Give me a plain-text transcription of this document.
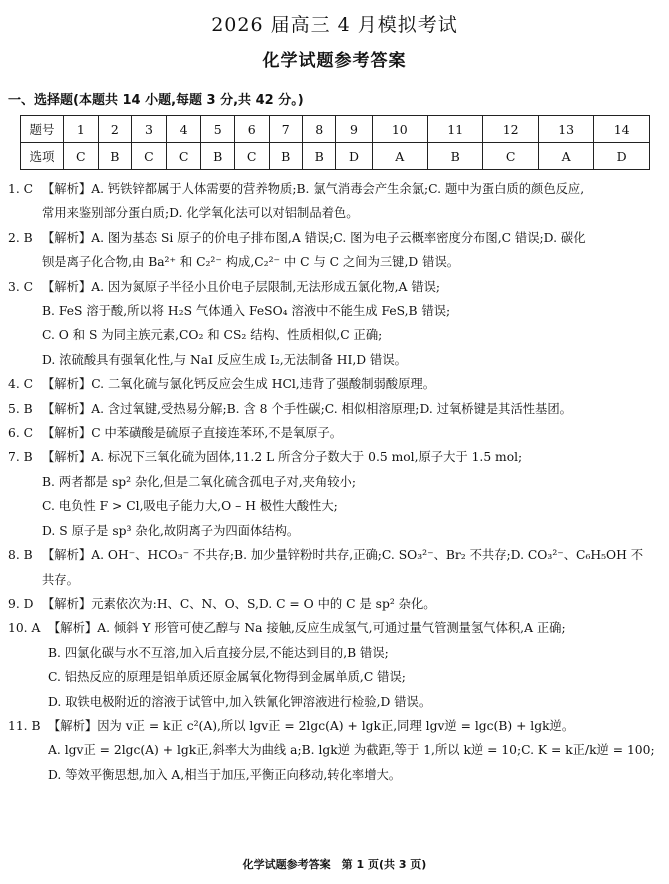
2026 届高三 4 月模拟考试
化学试题参考答案
一、选择题(本题共 14 小题,每题 3 分,共 42 分。)
题号	1	2	3	4	5	6	7	8	9	10	11	12	13	14
选项	C	B	C	C	B	C	B	B	D	A	B	C	A	D
1. C 【解析】A. 钙铁锌都属于人体需要的营养物质;B. 氯气消毒会产生余氯;C. 题中为蛋白质的颜色反应,
常用来鉴别部分蛋白质;D. 化学氧化法可以对铝制品着色。
2. B 【解析】A. 图为基态 Si 原子的价电子排布图,A 错误;C. 图为电子云概率密度分布图,C 错误;D. 碳化
钡是离子化合物,由 Ba²⁺ 和 C₂²⁻ 构成,C₂²⁻ 中 C 与 C 之间为三键,D 错误。
3. C 【解析】A. 因为氮原子半径小且价电子层限制,无法形成五氯化物,A 错误;
B. FeS 溶于酸,所以将 H₂S 气体通入 FeSO₄ 溶液中不能生成 FeS,B 错误;
C. O 和 S 为同主族元素,CO₂ 和 CS₂ 结构、性质相似,C 正确;
D. 浓硫酸具有强氧化性,与 NaI 反应生成 I₂,无法制备 HI,D 错误。
4. C 【解析】C. 二氧化硫与氯化钙反应会生成 HCl,违背了强酸制弱酸原理。
5. B 【解析】A. 含过氧键,受热易分解;B. 含 8 个手性碳;C. 相似相溶原理;D. 过氧桥键是其活性基团。
6. C 【解析】C 中苯磺酸是硫原子直接连苯环,不是氧原子。
7. B 【解析】A. 标况下三氧化硫为固体,11.2 L 所含分子数大于 0.5 mol,原子大于 1.5 mol;
B. 两者都是 sp² 杂化,但是二氧化硫含孤电子对,夹角较小;
C. 电负性 F > Cl,吸电子能力大,O – H 极性大酸性大;
D. S 原子是 sp³ 杂化,故阴离子为四面体结构。
8. B 【解析】A. OH⁻、HCO₃⁻ 不共存;B. 加少量锌粉时共存,正确;C. SO₃²⁻、Br₂ 不共存;D. CO₃²⁻、C₆H₅OH 不
共存。
9. D 【解析】元素依次为:H、C、N、O、S,D. C = O 中的 C 是 sp² 杂化。
10. A 【解析】A. 倾斜 Y 形管可使乙醇与 Na 接触,反应生成氢气,可通过量气管测量氢气体积,A 正确;
B. 四氯化碳与水不互溶,加入后直接分层,不能达到目的,B 错误;
C. 铝热反应的原理是铝单质还原金属氧化物得到金属单质,C 错误;
D. 取铁电极附近的溶液于试管中,加入铁氰化钾溶液进行检验,D 错误。
11. B 【解析】因为 v正 = k正 c²(A),所以 lgv正 = 2lgc(A) + lgk正,同理 lgv逆 = lgc(B) + lgk逆。
A. lgv正 = 2lgc(A) + lgk正,斜率大为曲线 a;B. lgk逆 为截距,等于 1,所以 k逆 = 10;C. K = k正/k逆 = 100;
D. 等效平衡思想,加入 A,相当于加压,平衡正向移动,转化率增大。
化学试题参考答案　第 1 页(共 3 页)
